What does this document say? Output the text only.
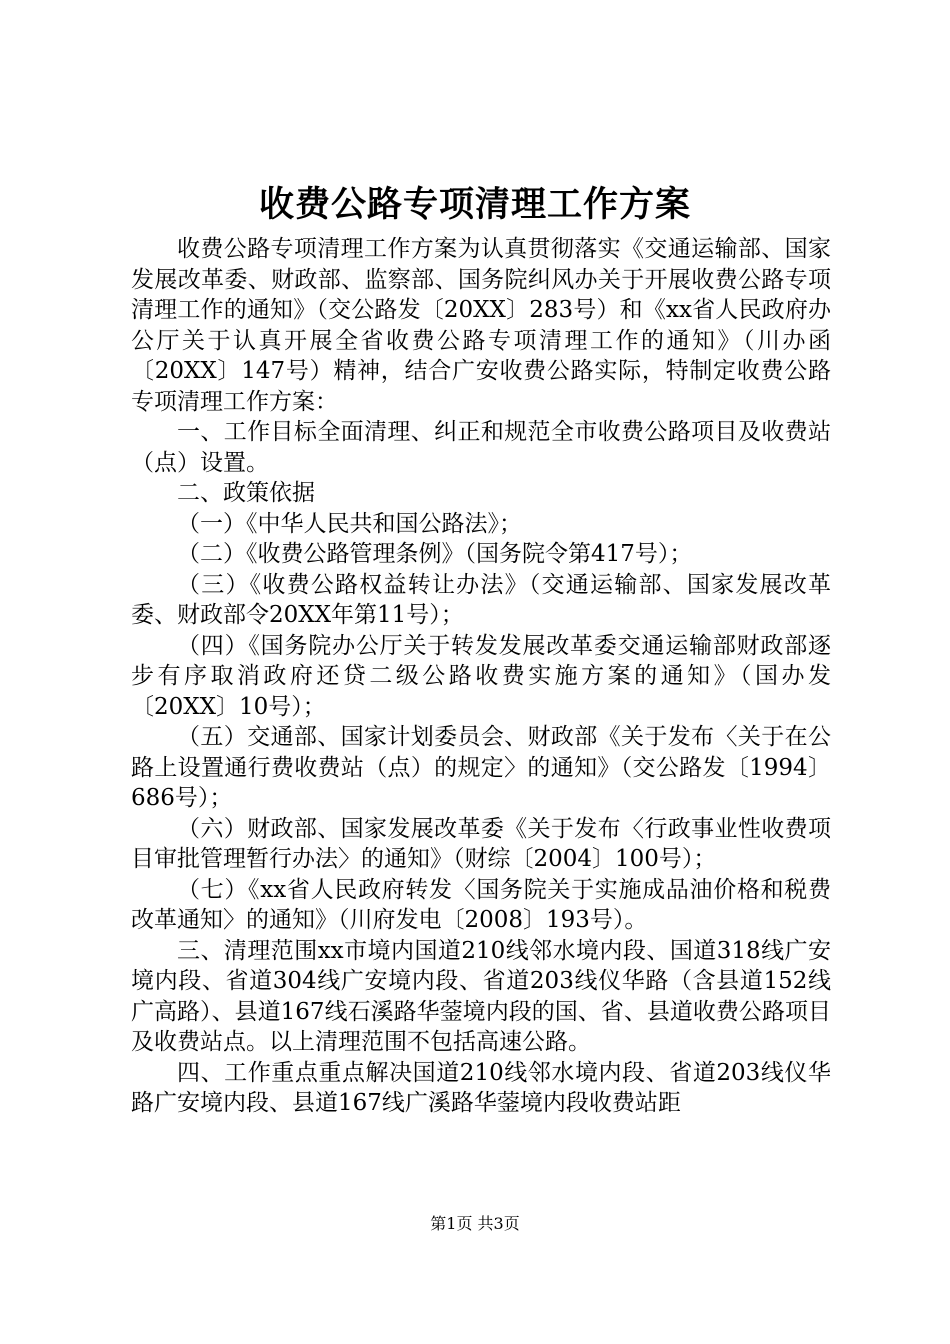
收费公路专项清理工作方案

收费公路专项清理工作方案为认真贯彻落实《交通运输部、国家发展改革委、财政部、监察部、国务院纠风办关于开展收费公路专项清理工作的通知》（交公路发〔20XX〕283号）和《xx省人民政府办公厅关于认真开展全省收费公路专项清理工作的通知》（川办函〔20XX〕147号）精神，结合广安收费公路实际，特制定收费公路专项清理工作方案：

一、工作目标全面清理、纠正和规范全市收费公路项目及收费站（点）设置。

二、政策依据

（一）《中华人民共和国公路法》；

（二）《收费公路管理条例》（国务院令第417号）；

（三）《收费公路权益转让办法》（交通运输部、国家发展改革委、财政部令20XX年第11号）；

（四）《国务院办公厅关于转发发展改革委交通运输部财政部逐步有序取消政府还贷二级公路收费实施方案的通知》（国办发〔20XX〕10号）；

（五）交通部、国家计划委员会、财政部《关于发布〈关于在公路上设置通行费收费站（点）的规定〉的通知》（交公路发〔1994〕686号）；

（六）财政部、国家发展改革委《关于发布〈行政事业性收费项目审批管理暂行办法〉的通知》（财综〔2004〕100号）；

（七）《xx省人民政府转发〈国务院关于实施成品油价格和税费改革通知〉的通知》（川府发电〔2008〕193号）。

三、清理范围xx市境内国道210线邻水境内段、国道318线广安境内段、省道304线广安境内段、省道203线仪华路（含县道152线广高路）、县道167线石溪路华蓥境内段的国、省、县道收费公路项目及收费站点。以上清理范围不包括高速公路。

四、工作重点重点解决国道210线邻水境内段、省道203线仪华路广安境内段、县道167线广溪路华蓥境内段收费站距

第1页 共3页
